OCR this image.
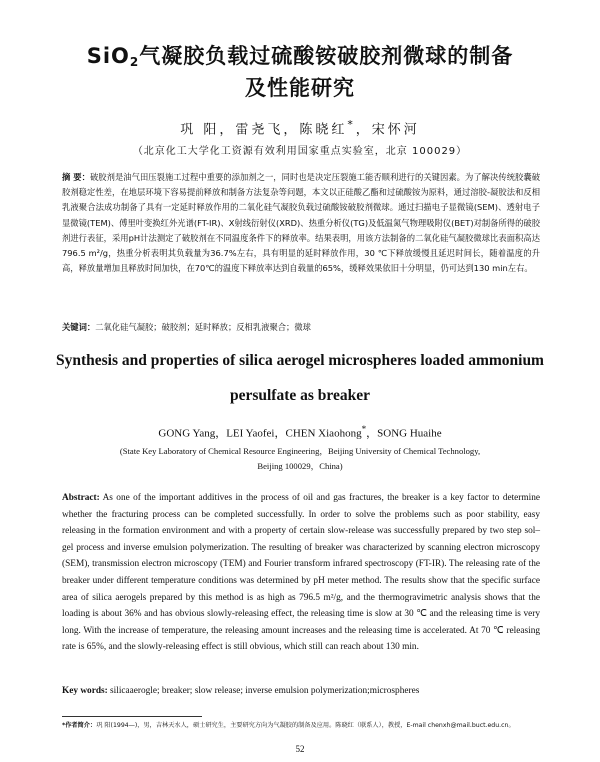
SiO$_2$气凝胶负载过硫酸铵破胶剂微球的制备
及性能研究
巩 阳，雷尧飞，陈晓红*，宋怀河
（北京化工大学化工资源有效利用国家重点实验室，北京 100029）
摘 要：破胶剂是油气田压裂施工过程中重要的添加剂之一，同时也是决定压裂施工能否顺利进行的关键因素。为了解决传统胶囊破胶剂稳定性差，在地层环境下容易提前释放和制备方法复杂等问题，本文以正硅酸乙酯和过硫酸铵为原料，通过溶胶-凝胶法和反相乳液聚合法成功制备了具有一定延时释放作用的二氧化硅气凝胶负载过硫酸铵破胶剂微球。通过扫描电子显微镜(SEM)、透射电子显微镜(TEM)、傅里叶变换红外光谱(FT-IR)、X射线衍射仪(XRD)、热重分析仪(TG)及低温氮气物理吸附仪(BET)对制备所得的破胶剂进行表征，采用pH计法测定了破胶剂在不同温度条件下的释放率。结果表明，用该方法制备的二氧化硅气凝胶微球比表面积高达796.5 m²/g，热重分析表明其负载量为36.7%左右，具有明显的延时释放作用，30 ℃下释放缓慢且延迟时间长，随着温度的升高，释放量增加且释放时间加快，在70℃的温度下释放率达到自载量的65%，缓释效果依旧十分明显，仍可达到130 min左右。
关键词：二氧化硅气凝胶；破胶剂；延时释放；反相乳液聚合；微球
Synthesis and properties of silica aerogel microspheres loaded ammonium
persulfate as breaker
GONG Yang，LEI Yaofei，CHEN Xiaohong*，SONG Huaihe
(State Key Laboratory of Chemical Resource Engineering，Beijing University of Chemical Technology,
Beijing 100029，China)
Abstract: As one of the important additives in the process of oil and gas fractures, the breaker is a key factor to determine whether the fracturing process can be completed successfully. In order to solve the problems such as poor stability, easy releasing in the formation environment and with a property of certain slow-release was successfully prepared by two step sol–gel process and inverse emulsion polymerization. The resulting of breaker was characterized by scanning electron microscopy (SEM), transmission electron microscopy (TEM) and Fourier transform infrared spectroscopy (FT-IR). The releasing rate of the breaker under different temperature conditions was determined by pH meter method. The results show that the specific surface area of silica aerogels prepared by this method is as high as 796.5 m²/g, and the thermogravimetric analysis shows that the loading is about 36% and has obvious slowly-releasing effect, the releasing time is slow at 30 ℃ and the releasing time is very long. With the increase of temperature, the releasing amount increases and the releasing time is accelerated. At 70 ℃ releasing rate is 65%, and the slowly-releasing effect is still obvious, which still can reach about 130 min.
Key words: silicaaerogle; breaker; slow release; inverse emulsion polymerization;microspheres
*作者简介：巩 阳(1994—)，男，吉林天水人，硕士研究生，主要研究方向为气凝胶的制备及应用。陈晓红（联系人），教授，E-mail chenxh@mail.buct.edu.cn。
52
